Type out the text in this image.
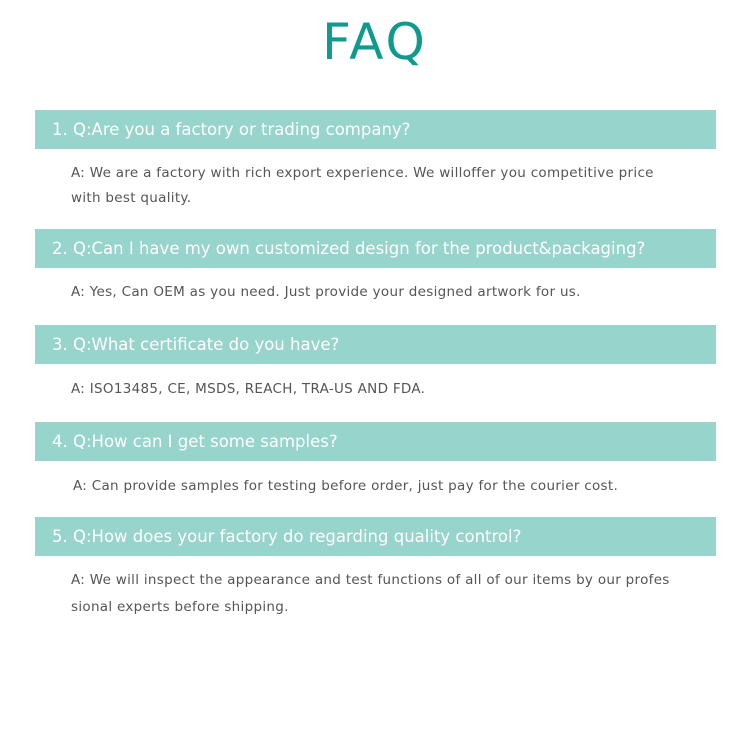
FAQ
1. Q:Are you a factory or trading company?
A: We are a factory with rich export experience. We willoffer you competitive price
with best quality.
2. Q:Can I have my own customized design for the product&packaging?
A: Yes, Can OEM as you need. Just provide your designed artwork for us.
3. Q:What certificate do you have?
A: ISO13485, CE, MSDS, REACH, TRA-US AND FDA.
4. Q:How can I get some samples?
A: Can provide samples for testing before order, just pay for the courier cost.
5. Q:How does your factory do regarding quality control?
A: We will inspect the appearance and test functions of all of our items by our profes
sional experts before shipping.
